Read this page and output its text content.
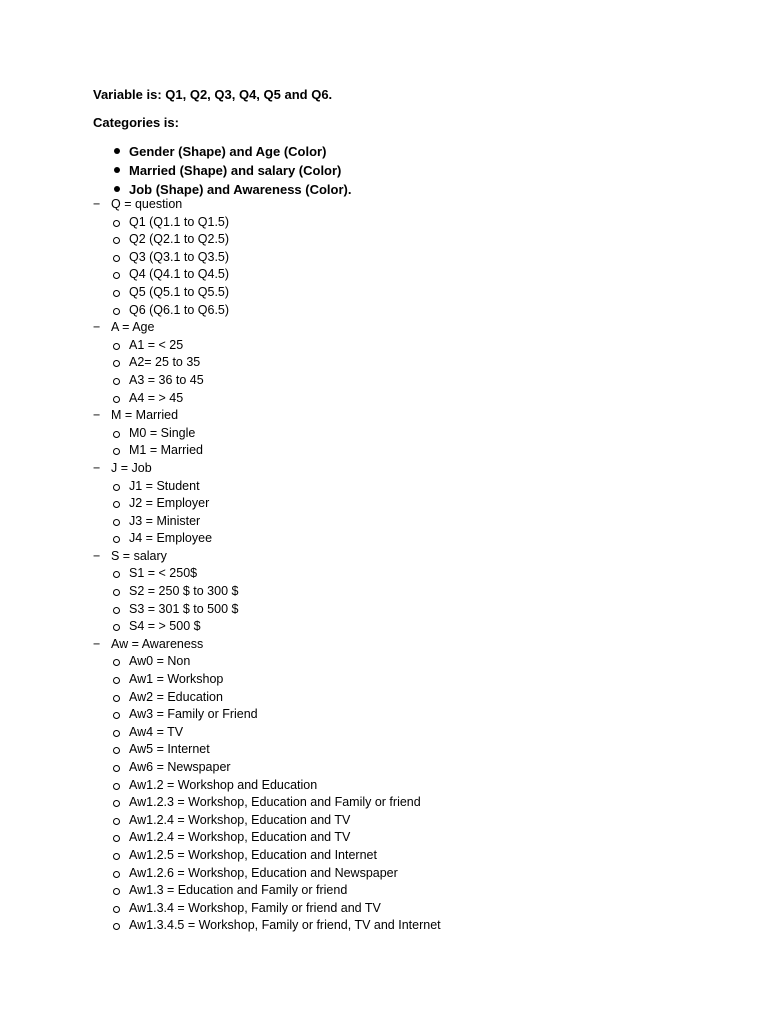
Variable is: Q1, Q2, Q3, Q4, Q5 and Q6.
Categories is:
Gender (Shape) and Age (Color)
Married (Shape) and salary (Color)
Job (Shape) and Awareness (Color).
− Q = question
Q1 (Q1.1 to Q1.5)
Q2 (Q2.1 to Q2.5)
Q3 (Q3.1 to Q3.5)
Q4 (Q4.1 to Q4.5)
Q5 (Q5.1 to Q5.5)
Q6 (Q6.1 to Q6.5)
− A = Age
A1 = < 25
A2= 25 to 35
A3 = 36 to 45
A4 = > 45
− M = Married
M0 = Single
M1 = Married
− J = Job
J1 = Student
J2 = Employer
J3 = Minister
J4 = Employee
− S = salary
S1 = < 250$
S2 = 250 $ to 300 $
S3 = 301 $ to 500 $
S4 = > 500 $
− Aw = Awareness
Aw0 = Non
Aw1 = Workshop
Aw2 = Education
Aw3 = Family or Friend
Aw4 = TV
Aw5 = Internet
Aw6 = Newspaper
Aw1.2 = Workshop and Education
Aw1.2.3 = Workshop, Education and Family or friend
Aw1.2.4 = Workshop, Education and TV
Aw1.2.4 = Workshop, Education and TV
Aw1.2.5 = Workshop, Education and Internet
Aw1.2.6 = Workshop, Education and Newspaper
Aw1.3 = Education and Family or friend
Aw1.3.4 = Workshop, Family or friend and TV
Aw1.3.4.5 = Workshop, Family or friend, TV and Internet
